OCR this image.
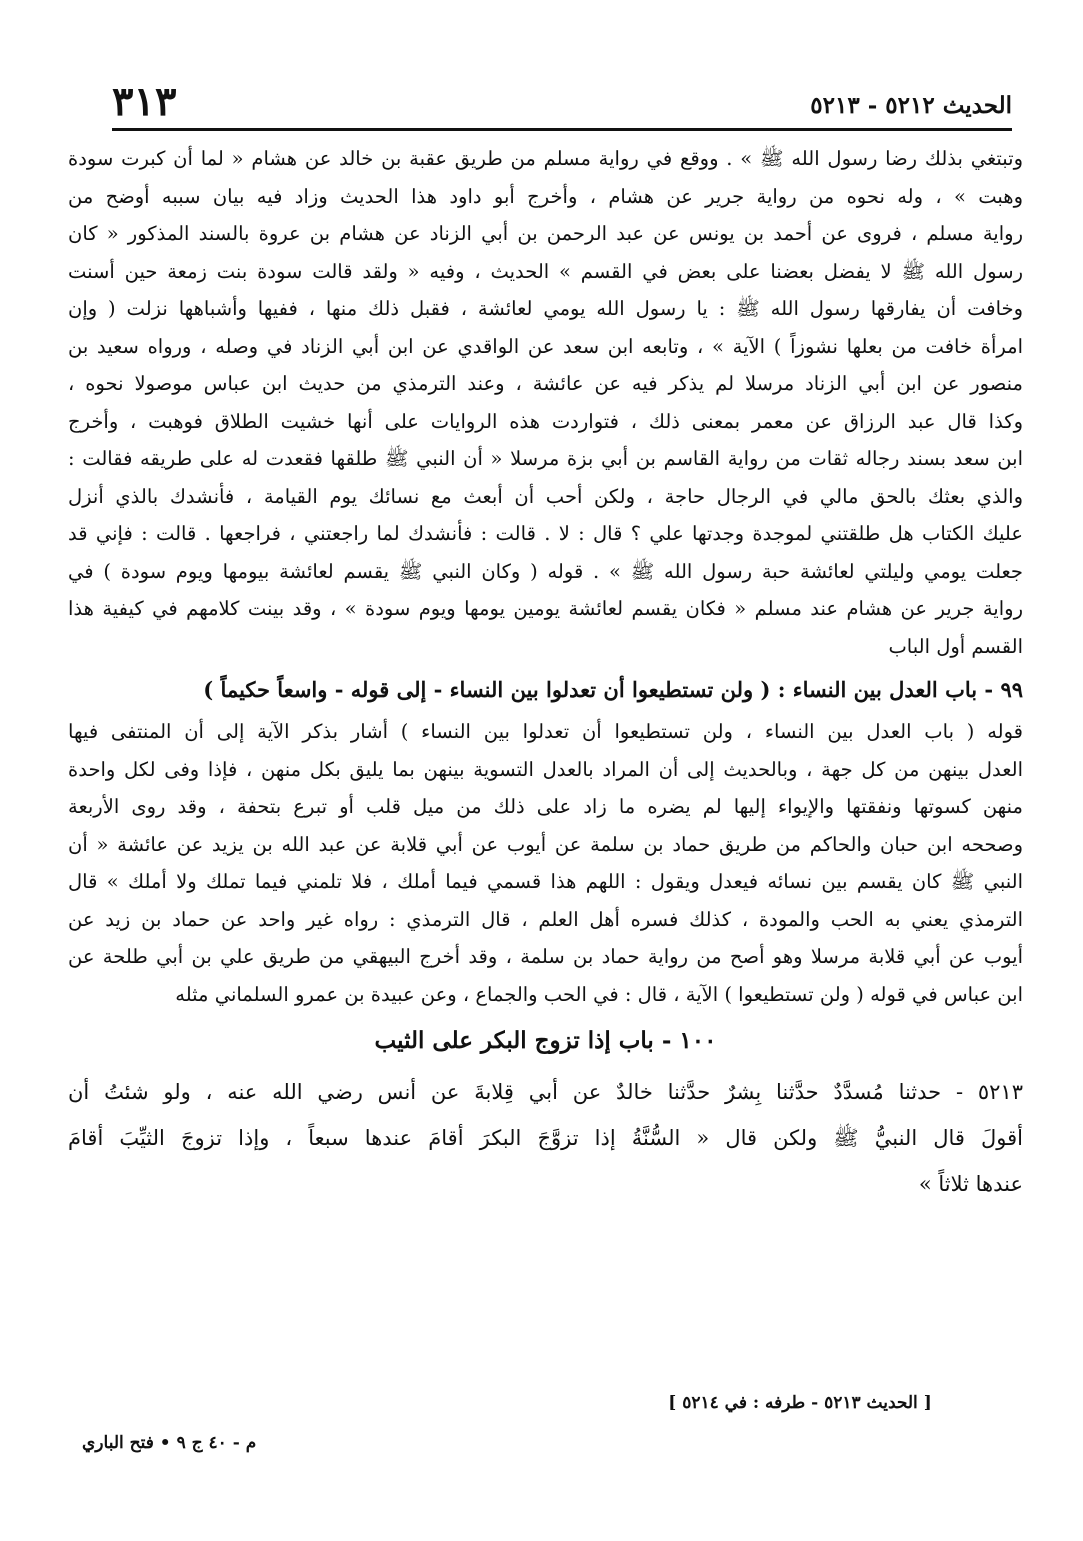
الحديث ٥٢١٢ - ٥٢١٣
٣١٣
وتبتغي بذلك رضا رسول الله ﷺ » . ووقع في رواية مسلم من طريق عقبة بن خالد عن هشام « لما أن كبرت سودة
وهبت » ، وله نحوه من رواية جرير عن هشام ، وأخرج أبو داود هذا الحديث وزاد فيه بيان سببه أوضح من
رواية مسلم ، فروى عن أحمد بن يونس عن عبد الرحمن بن أبي الزناد عن هشام بن عروة بالسند المذكور « كان
رسول الله ﷺ لا يفضل بعضنا على بعض في القسم » الحديث ، وفيه « ولقد قالت سودة بنت زمعة حين أسنت
وخافت أن يفارقها رسول الله ﷺ : يا رسول الله يومي لعائشة ، فقبل ذلك منها ، ففيها وأشباهها نزلت ( وإن
امرأة خافت من بعلها نشوزاً ) الآية » ، وتابعه ابن سعد عن الواقدي عن ابن أبي الزناد في وصله ، ورواه سعيد بن
منصور عن ابن أبي الزناد مرسلا لم يذكر فيه عن عائشة ، وعند الترمذي من حديث ابن عباس موصولا نحوه ،
وكذا قال عبد الرزاق عن معمر بمعنى ذلك ، فتواردت هذه الروايات على أنها خشيت الطلاق فوهبت ، وأخرج
ابن سعد بسند رجاله ثقات من رواية القاسم بن أبي بزة مرسلا « أن النبي ﷺ طلقها فقعدت له على طريقه فقالت :
والذي بعثك بالحق مالي في الرجال حاجة ، ولكن أحب أن أبعث مع نسائك يوم القيامة ، فأنشدك بالذي أنزل
عليك الكتاب هل طلقتني لموجدة وجدتها علي ؟ قال : لا . قالت : فأنشدك لما راجعتني ، فراجعها . قالت : فإني قد
جعلت يومي وليلتي لعائشة حبة رسول الله ﷺ » . قوله ( وكان النبي ﷺ يقسم لعائشة بيومها ويوم سودة ) في
رواية جرير عن هشام عند مسلم « فكان يقسم لعائشة يومين يومها ويوم سودة » ، وقد بينت كلامهم في كيفية هذا
القسم أول الباب
٩٩ - باب العدل بين النساء : ( ولن تستطيعوا أن تعدلوا بين النساء - إلى قوله - واسعاً حكيماً )
قوله ( باب العدل بين النساء ، ولن تستطيعوا أن تعدلوا بين النساء ) أشار بذكر الآية إلى أن المنتفى فيها
العدل بينهن من كل جهة ، وبالحديث إلى أن المراد بالعدل التسوية بينهن بما يليق بكل منهن ، فإذا وفى لكل واحدة
منهن كسوتها ونفقتها والإيواء إليها لم يضره ما زاد على ذلك من ميل قلب أو تبرع بتحفة ، وقد روى الأربعة
وصححه ابن حبان والحاكم من طريق حماد بن سلمة عن أيوب عن أبي قلابة عن عبد الله بن يزيد عن عائشة « أن
النبي ﷺ كان يقسم بين نسائه فيعدل ويقول : اللهم هذا قسمي فيما أملك ، فلا تلمني فيما تملك ولا أملك » قال
الترمذي يعني به الحب والمودة ، كذلك فسره أهل العلم ، قال الترمذي : رواه غير واحد عن حماد بن زيد عن
أيوب عن أبي قلابة مرسلا وهو أصح من رواية حماد بن سلمة ، وقد أخرج البيهقي من طريق علي بن أبي طلحة عن
ابن عباس في قوله ( ولن تستطيعوا ) الآية ، قال : في الحب والجماع ، وعن عبيدة بن عمرو السلماني مثله
١٠٠ - باب إذا تزوج البكر على الثيب
٥٢١٣ - حدثنا مُسدَّدٌ حدَّثنا بِشرٌ حدَّثنا خالدٌ عن أبي قِلابةَ عن أنس رضي الله عنه ، ولو شئتُ أن
أقولَ قال النبيُّ ﷺ ولكن قال « السُّنَّةُ إذا تزوَّجَ البكرَ أقامَ عندها سبعاً ، وإذا تزوجَ الثيِّبَ أقامَ
عندها ثلاثاً »
[ الحديث ٥٢١٣ - طرفه : في ٥٢١٤ ]
م - ٤٠ ج ٩ • فتح الباري
